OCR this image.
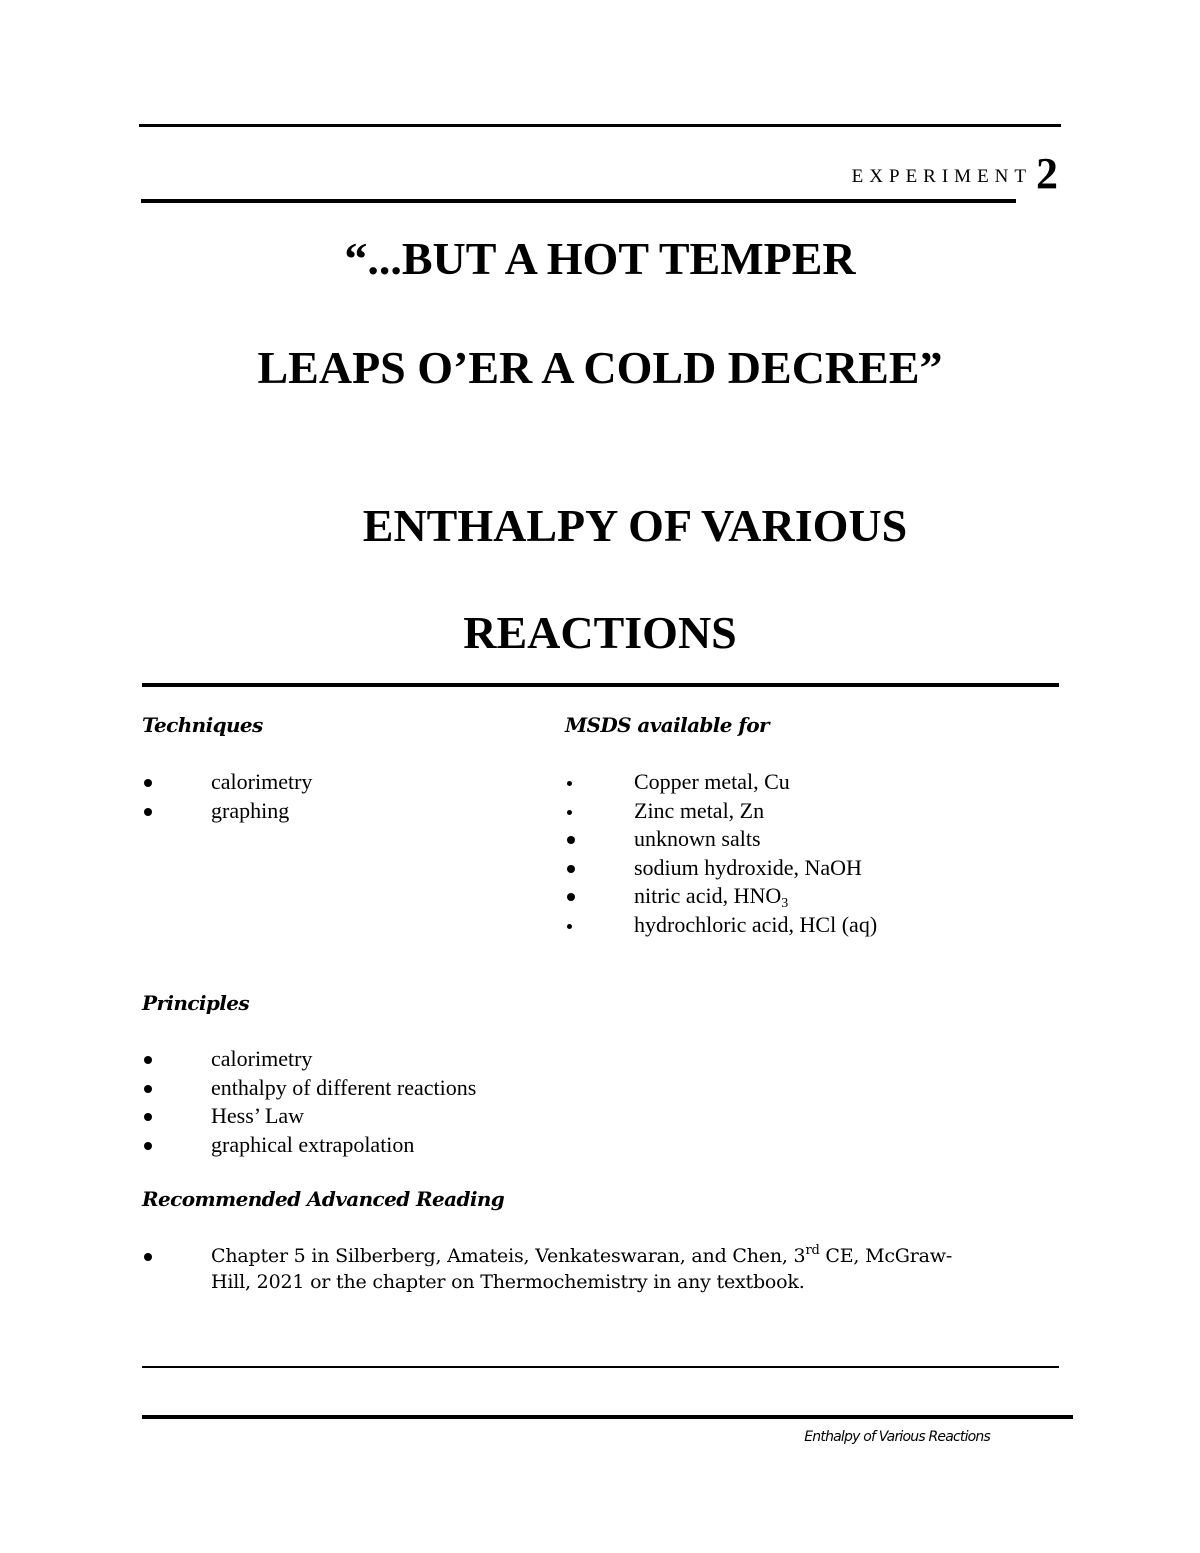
EXPERIMENT 2
“...BUT A HOT TEMPER
LEAPS O’ER A COLD DECREE”
ENTHALPY OF VARIOUS
REACTIONS
Techniques
calorimetry
graphing
MSDS available for
Copper metal, Cu
Zinc metal, Zn
unknown salts
sodium hydroxide, NaOH
nitric acid, $HNO_3$
hydrochloric acid, HCl (aq)
Principles
calorimetry
enthalpy of different reactions
Hess’ Law
graphical extrapolation
Recommended Advanced Reading
Chapter 5 in Silberberg, Amateis, Venkateswaran, and Chen, 3rd CE, McGraw-
Hill, 2021 or the chapter on Thermochemistry in any textbook.
Enthalpy of Various Reactions
